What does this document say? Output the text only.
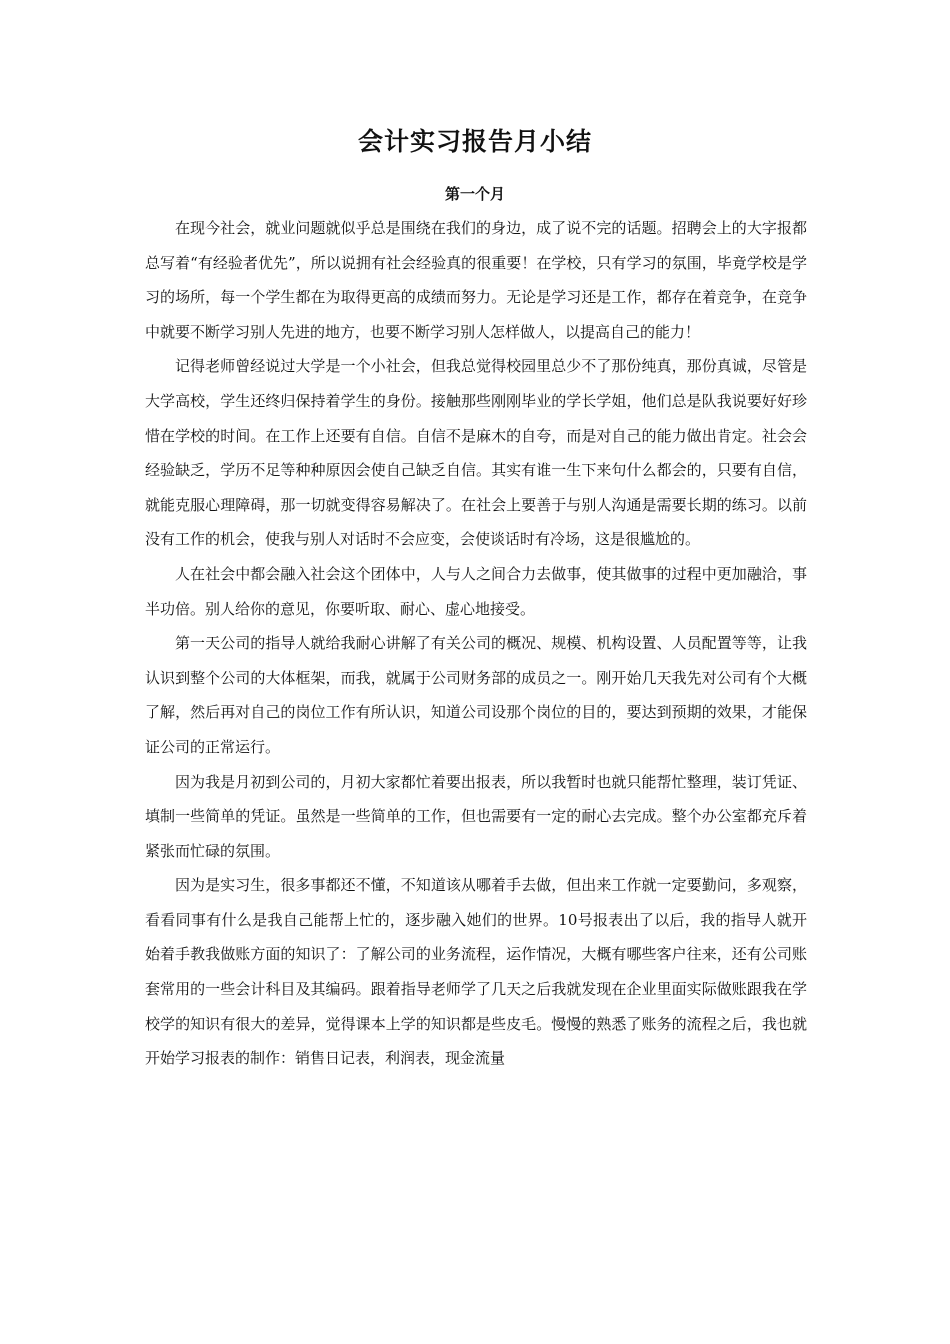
会计实习报告月小结
第一个月

在现今社会，就业问题就似乎总是围绕在我们的身边，成了说不完的话题。招聘会上的大字报都总写着“有经验者优先”，所以说拥有社会经验真的很重要！在学校，只有学习的氛围，毕竟学校是学习的场所，每一个学生都在为取得更高的成绩而努力。无论是学习还是工作，都存在着竞争，在竞争中就要不断学习别人先进的地方，也要不断学习别人怎样做人，以提高自己的能力！

记得老师曾经说过大学是一个小社会，但我总觉得校园里总少不了那份纯真，那份真诚，尽管是大学高校，学生还终归保持着学生的身份。接触那些刚刚毕业的学长学姐，他们总是队我说要好好珍惜在学校的时间。在工作上还要有自信。自信不是麻木的自夸，而是对自己的能力做出肯定。社会会经验缺乏，学历不足等种种原因会使自己缺乏自信。其实有谁一生下来句什么都会的，只要有自信，就能克服心理障碍，那一切就变得容易解决了。在社会上要善于与别人沟通是需要长期的练习。以前没有工作的机会，使我与别人对话时不会应变，会使谈话时有冷场，这是很尴尬的。

人在社会中都会融入社会这个团体中，人与人之间合力去做事，使其做事的过程中更加融洽，事半功倍。别人给你的意见，你要听取、耐心、虚心地接受。

第一天公司的指导人就给我耐心讲解了有关公司的概况、规模、机构设置、人员配置等等，让我认识到整个公司的大体框架，而我，就属于公司财务部的成员之一。刚开始几天我先对公司有个大概了解，然后再对自己的岗位工作有所认识，知道公司设那个岗位的目的，要达到预期的效果，才能保证公司的正常运行。

因为我是月初到公司的，月初大家都忙着要出报表，所以我暂时也就只能帮忙整理，装订凭证、填制一些简单的凭证。虽然是一些简单的工作，但也需要有一定的耐心去完成。整个办公室都充斥着紧张而忙碌的氛围。

因为是实习生，很多事都还不懂，不知道该从哪着手去做，但出来工作就一定要勤问，多观察，看看同事有什么是我自己能帮上忙的，逐步融入她们的世界。10号报表出了以后，我的指导人就开始着手教我做账方面的知识了：了解公司的业务流程，运作情况，大概有哪些客户往来，还有公司账套常用的一些会计科目及其编码。跟着指导老师学了几天之后我就发现在企业里面实际做账跟我在学校学的知识有很大的差异，觉得课本上学的知识都是些皮毛。慢慢的熟悉了账务的流程之后，我也就开始学习报表的制作：销售日记表，利润表，现金流量
